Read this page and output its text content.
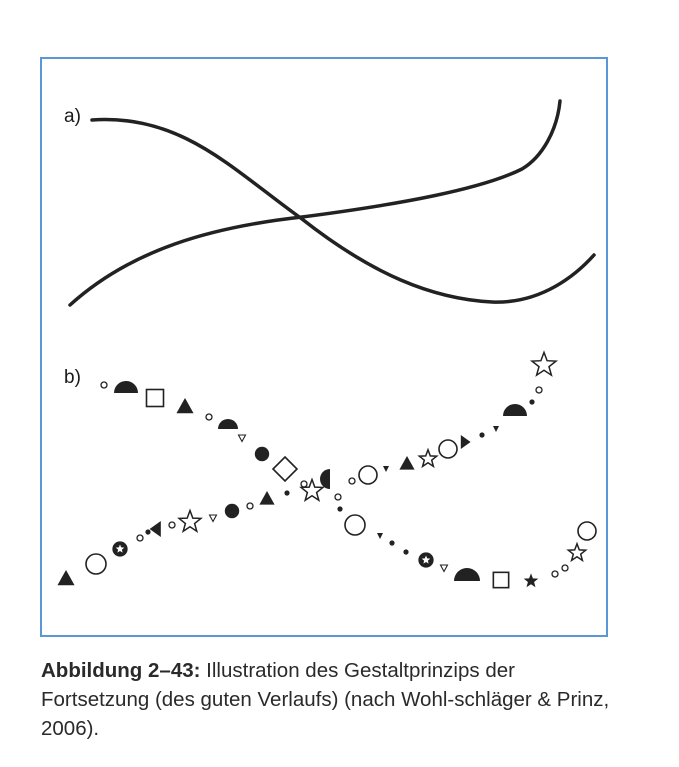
a)
b)
Abbildung 2–43: Illustration des Gestaltprinzips der Fortsetzung (des guten Verlaufs) (nach Wohl-schläger & Prinz, 2006).
